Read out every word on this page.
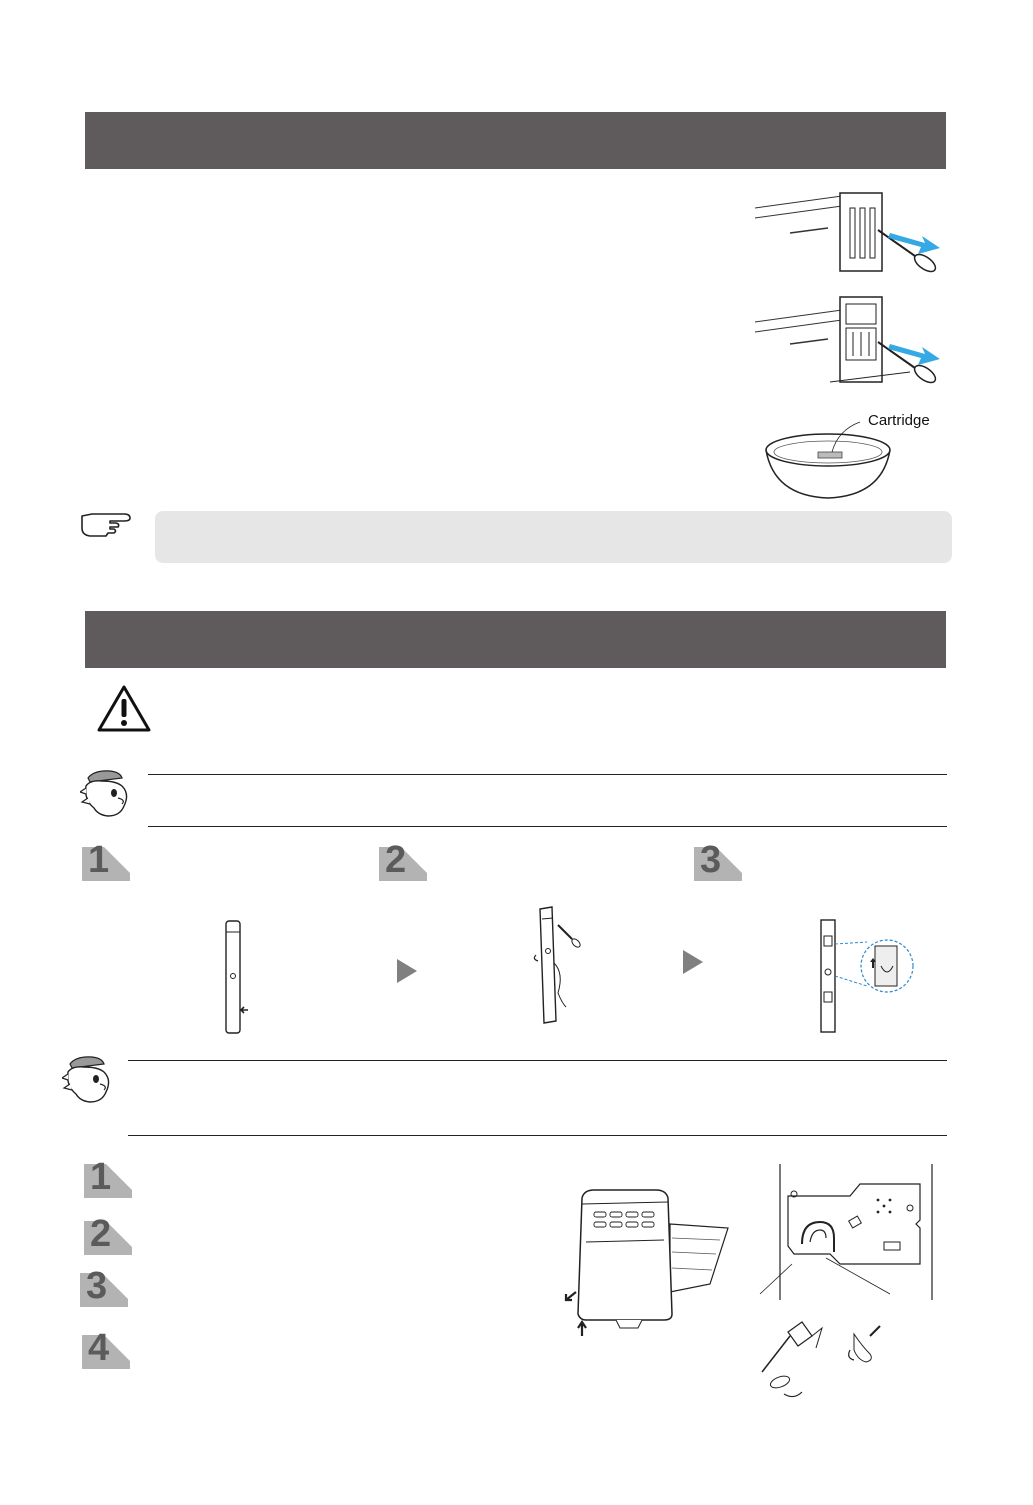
Cartridge
1	2	3
1
2
3
4
